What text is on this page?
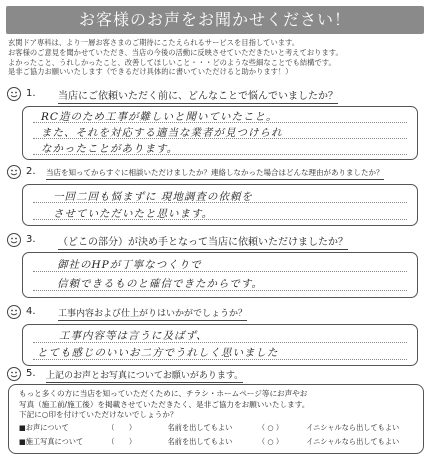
お客様のお声をお聞かせください！
玄関ドア専科は、より一層お客さまのご期待にこたえられるサービスを目指しています。
お客様のご意見を聞かせていただき、当店の今後の活動に反映させていただきたいと考えております。
よかったこと、うれしかったこと、改善してほしいこと・・・どのような些細なことでも結構です。
是非ご協力お願いいたします（できるだけ具体的に書いていただけると助かります！）
1. 当店にご依頼いただく前に、どんなことで悩んでいましたか？
RC造のため工事が難しいと聞いていたこと。
また、それを対応する適当な業者が見つけられ
なかったことがあります。
2. 当店を知ってからすぐに相談いただけましたか？連絡しなかった場合はどんな理由がありましたか？
一回二回も悩まずに 現地調査の依頼を
させていただいたと思います。
3. （どこの部分）が決め手となって当店に依頼いただけましたか？
御社のHPが丁寧なつくりで
信頼できるものと確信できたからです。
4. 工事内容および仕上がりはいかがでしょうか？
工事内容等は言うに及ばず、
とても感じのいいお二方でうれしく思いました
5. 上記のお声とお写真についてお願いがあります。
もっと多くの方に当店を知っていただくために、チラシ・ホームページ等にお声やお
写真（施工前/施工後）を掲載させていただきたく、是非ご協力をお願いいたします。
下記に○印を付けていただけないでしょうか？
■お声について	（　　）	名前を出してもよい	（ ○ ）	イニシャルなら出してもよい
■施工写真について	（　　）	名前を出してもよい	（ ○ ）	イニシャルなら出してもよい
